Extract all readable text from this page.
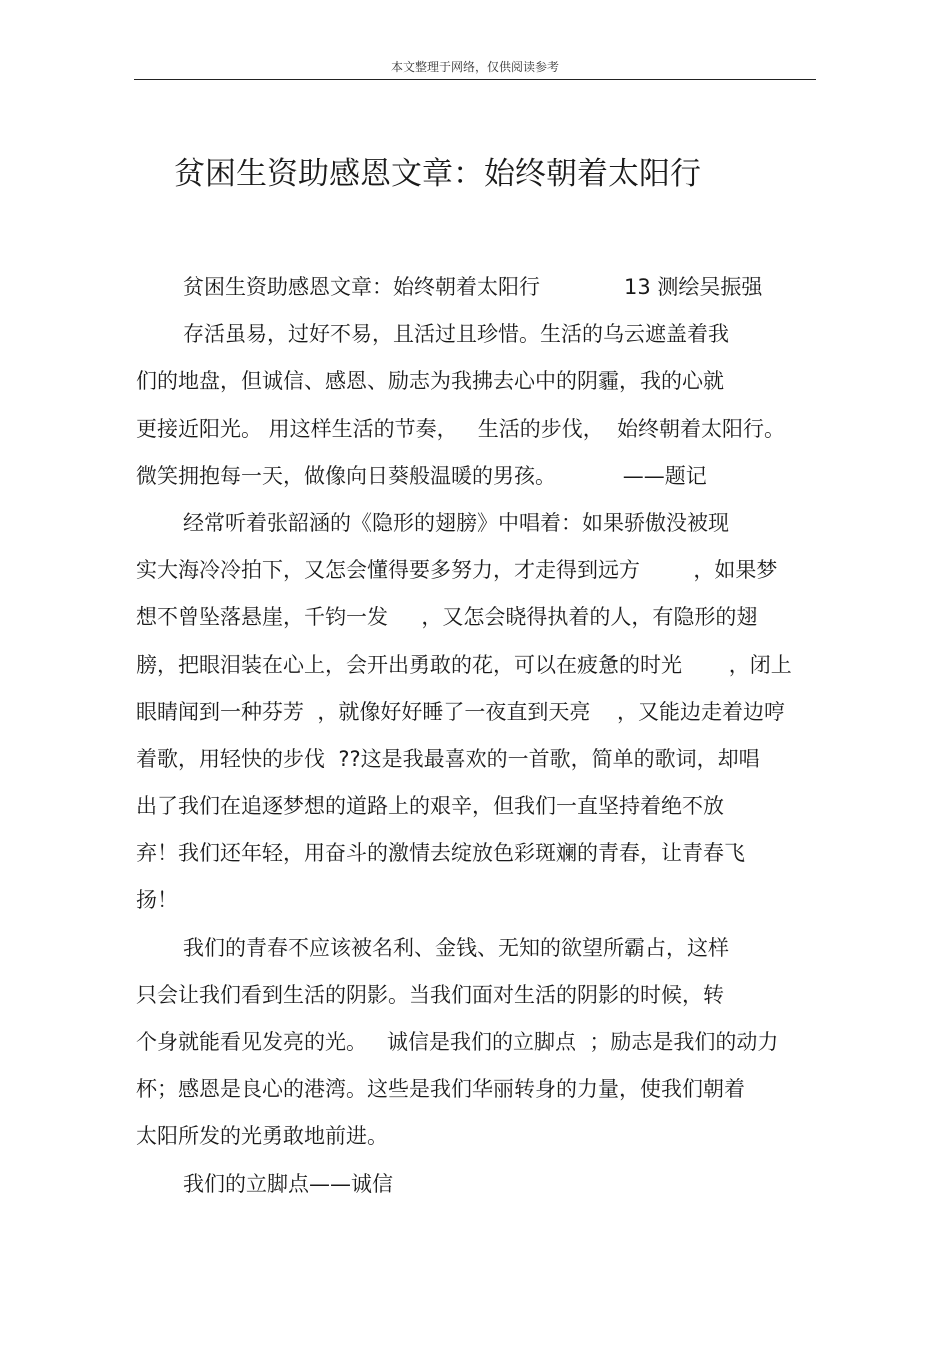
本文整理于网络，仅供阅读参考
贫困生资助感恩文章：始终朝着太阳行
贫困生资助感恩文章：始终朝着太阳行	13 测绘吴振强
存活虽易，过好不易，且活过且珍惜。生活的乌云遮盖着我
们的地盘，但诚信、感恩、励志为我拂去心中的阴霾，我的心就
更接近阳光。 用这样生活的节奏，   生活的步伐，  始终朝着太阳行。
微笑拥抱每一天，做像向日葵般温暖的男孩。          ——题记
经常听着张韶涵的《隐形的翅膀》中唱着：如果骄傲没被现
实大海冷冷拍下，又怎会懂得要多努力，才走得到远方        ，如果梦
想不曾坠落悬崖，千钧一发     ，又怎会晓得执着的人，有隐形的翅
膀，把眼泪装在心上，会开出勇敢的花，可以在疲惫的时光       ，闭上
眼睛闻到一种芬芳  ，就像好好睡了一夜直到天亮    ，又能边走着边哼
着歌，用轻快的步伐  ??这是我最喜欢的一首歌，简单的歌词，却唱
出了我们在追逐梦想的道路上的艰辛，但我们一直坚持着绝不放
弃！我们还年轻，用奋斗的激情去绽放色彩斑斓的青春，让青春飞
扬！
我们的青春不应该被名利、金钱、无知的欲望所霸占，这样
只会让我们看到生活的阴影。当我们面对生活的阴影的时候，转
个身就能看见发亮的光。   诚信是我们的立脚点  ；励志是我们的动力
杯；感恩是良心的港湾。这些是我们华丽转身的力量，使我们朝着
太阳所发的光勇敢地前进。
我们的立脚点——诚信
